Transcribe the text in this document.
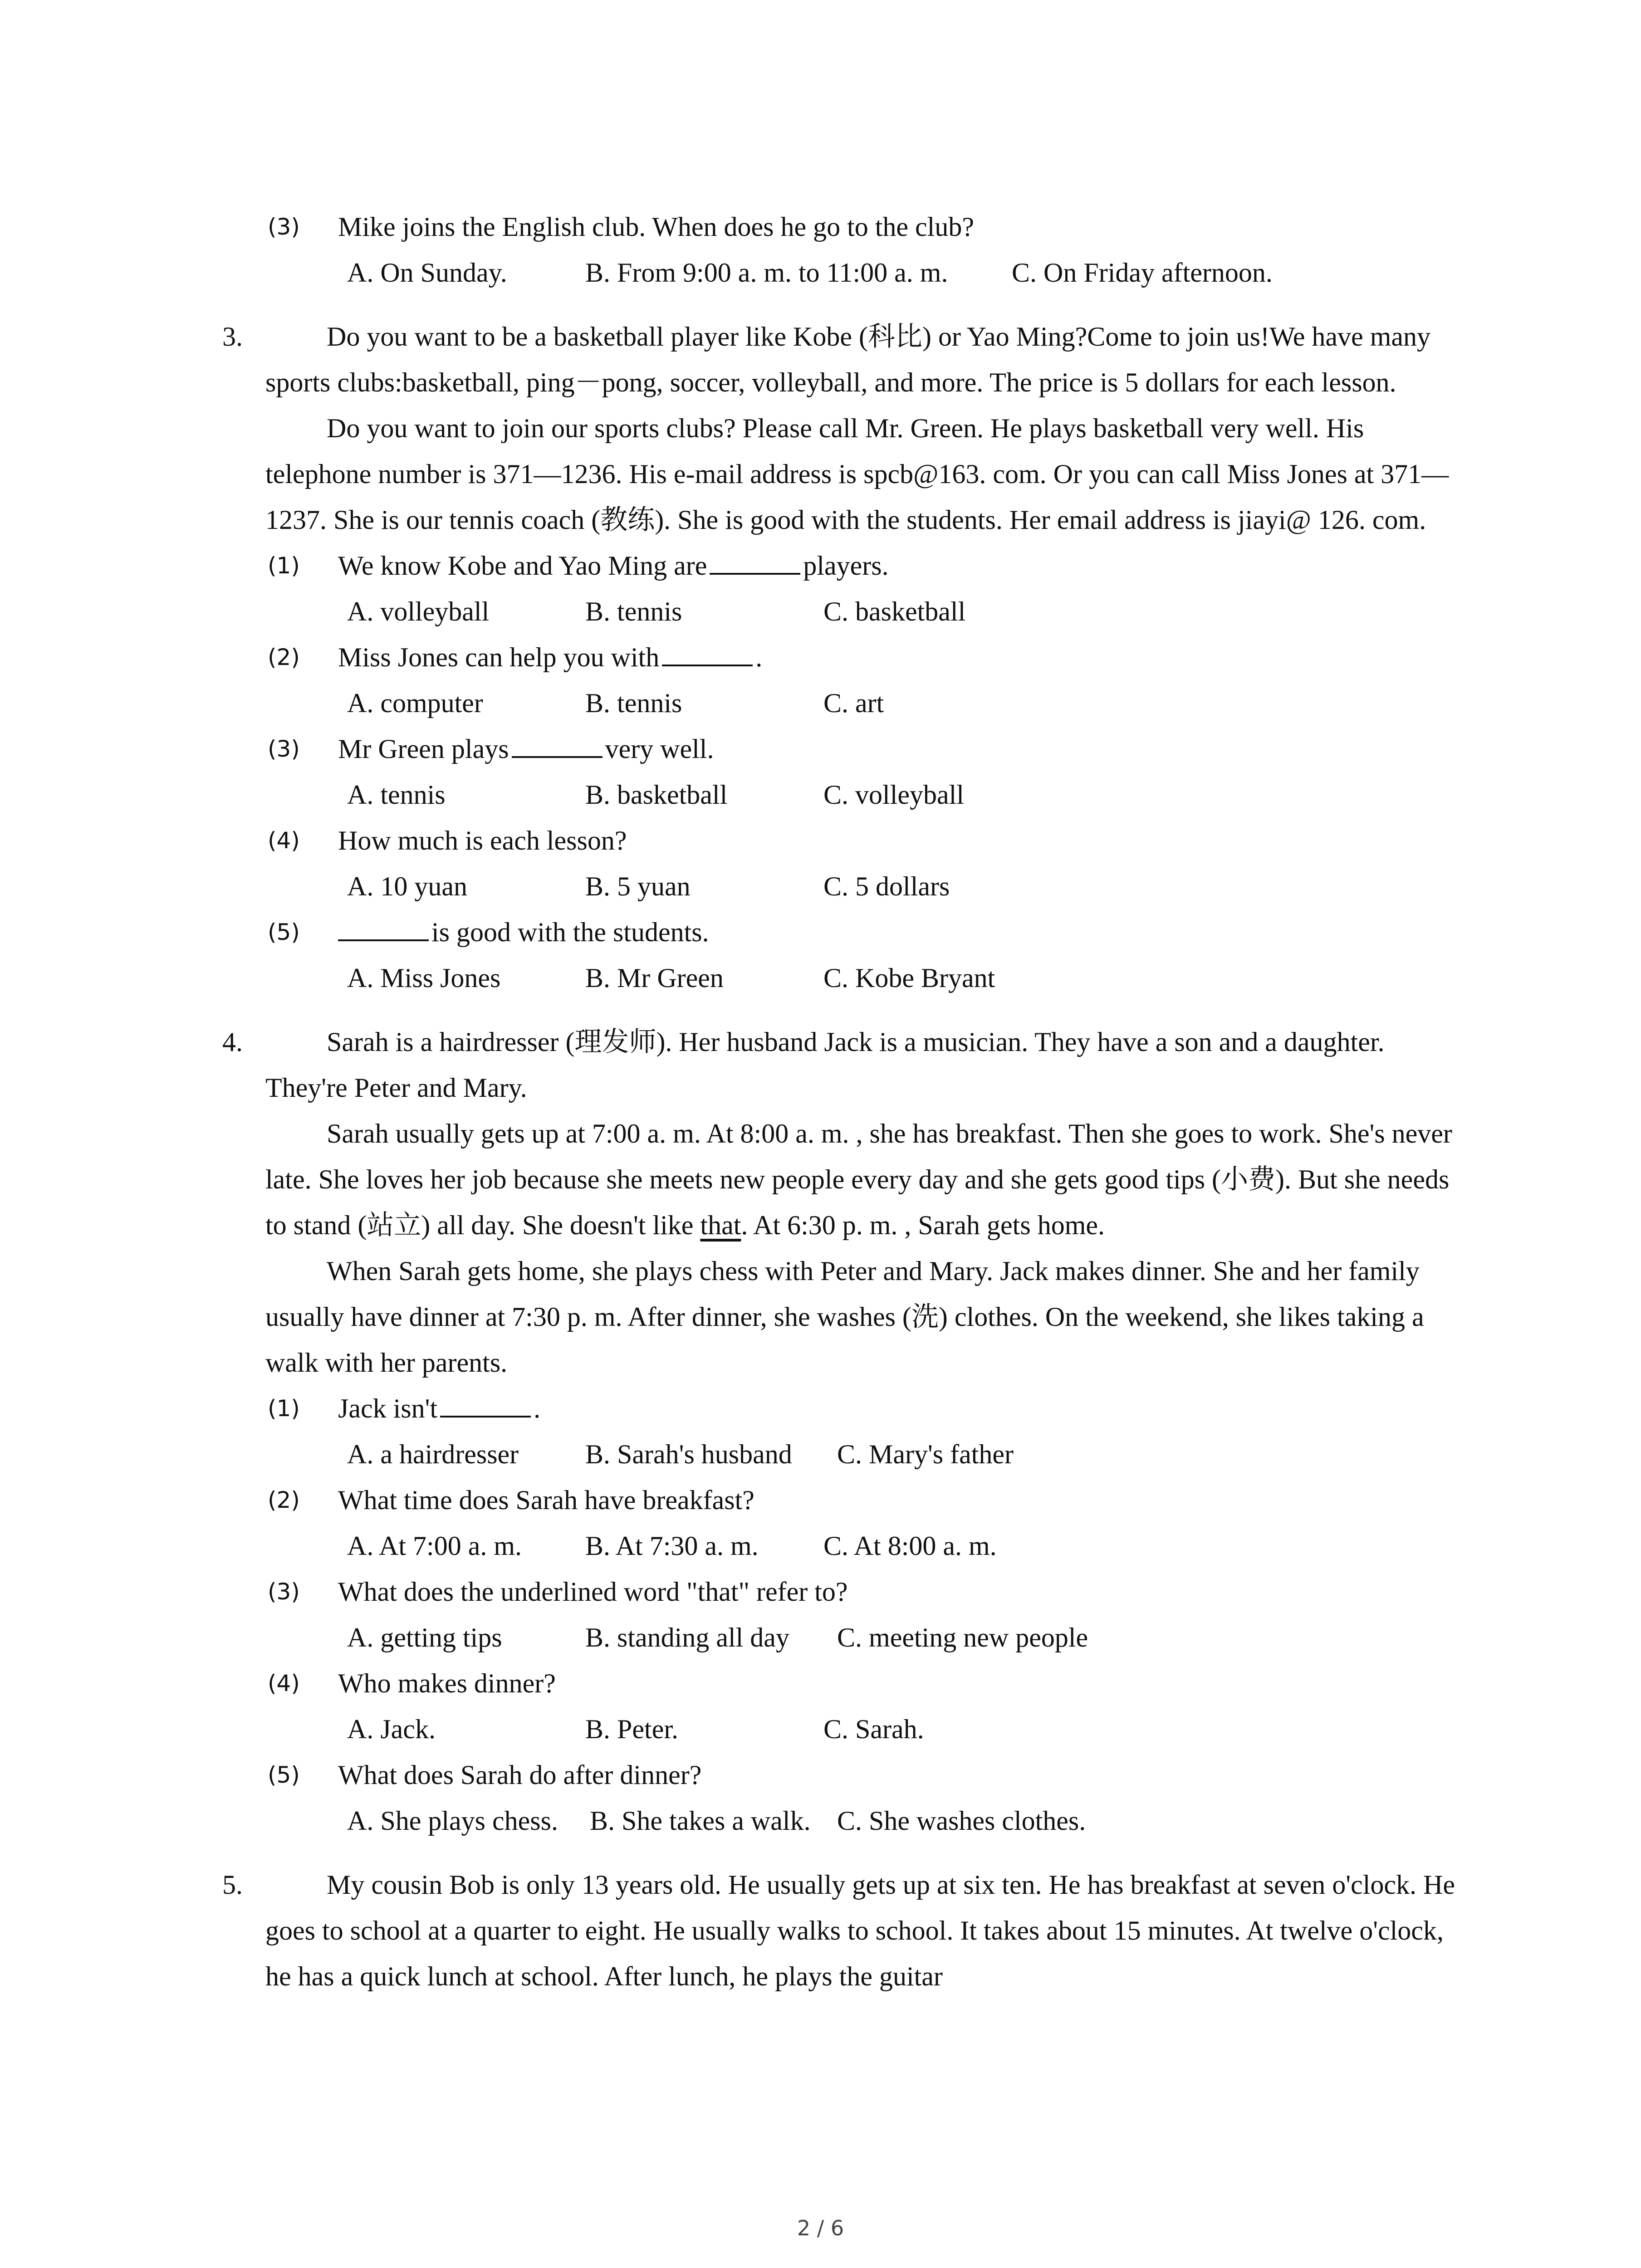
(3) Mike joins the English club. When does he go to the club?
A. On Sunday.	B. From 9:00 a. m. to 11:00 a. m.	C. On Friday afternoon.
3.	Do you want to be a basketball player like Kobe (科比) or Yao Ming?Come to join us!We have many sports clubs:basketball, ping－pong, soccer, volleyball, and more. The price is 5 dollars for each lesson.
Do you want to join our sports clubs? Please call Mr. Green. He plays basketball very well. His telephone number is 371—1236. His e-mail address is spcb@163. com. Or you can call Miss Jones at 371—1237. She is our tennis coach (教练). She is good with the students. Her email address is jiayi@ 126. com.
(1) We know Kobe and Yao Ming are	players.
A. volleyball	B. tennis	C. basketball
(2) Miss Jones can help you with	.
A. computer	B. tennis	C. art
(3) Mr Green plays	very well.
A. tennis	B. basketball	C. volleyball
(4) How much is each lesson?
A. 10 yuan	B. 5 yuan	C. 5 dollars
(5)	is good with the students.
A. Miss Jones	B. Mr Green	C. Kobe Bryant
4.	Sarah is a hairdresser (理发师). Her husband Jack is a musician. They have a son and a daughter. They're Peter and Mary.
Sarah usually gets up at 7:00 a. m. At 8:00 a. m. , she has breakfast. Then she goes to work. She's never late. She loves her job because she meets new people every day and she gets good tips (小费). But she needs to stand (站立) all day. She doesn't like that. At 6:30 p. m. , Sarah gets home.
When Sarah gets home, she plays chess with Peter and Mary. Jack makes dinner. She and her family usually have dinner at 7:30 p. m. After dinner, she washes (洗) clothes. On the weekend, she likes taking a walk with her parents.
(1) Jack isn't	.
A. a hairdresser	B. Sarah's husband	C. Mary's father
(2) What time does Sarah have breakfast?
A. At 7:00 a. m.	B. At 7:30 a. m.	C. At 8:00 a. m.
(3) What does the underlined word "that" refer to?
A. getting tips	B. standing all day	C. meeting new people
(4) Who makes dinner?
A. Jack.	B. Peter.	C. Sarah.
(5) What does Sarah do after dinner?
A. She plays chess.	B. She takes a walk. C. She washes clothes.
5.	My cousin Bob is only 13 years old. He usually gets up at six ten. He has breakfast at seven o'clock. He goes to school at a quarter to eight. He usually walks to school. It takes about 15 minutes. At twelve o'clock, he has a quick lunch at school. After lunch, he plays the guitar
2 / 6
